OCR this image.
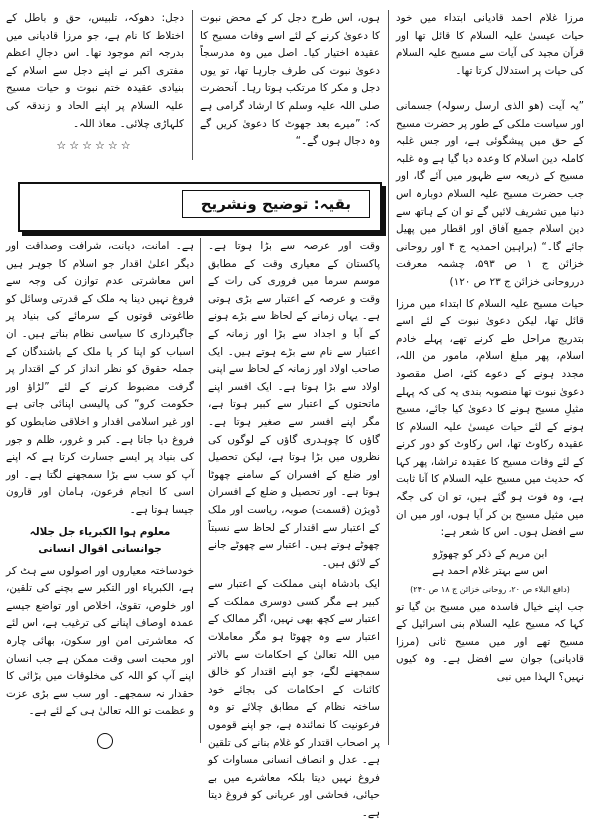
دجل: دھوکہ، تلبیس، حق و باطل کے اختلاط کا نام ہے، جو مرزا قادیانی میں بدرجہ اتم موجود تھا۔ اس دجالِ اعظم مفتری اکبر نے اپنے دجل سے اسلام کے بنیادی عقیدہ ختم نبوت و حیات مسیح علیہ السلام پر اپنے الحاد و زندقہ کی کلہاڑی چلائی۔ معاذ اللہ۔

☆☆☆☆☆☆

ہوں، اس طرح دجل کر کے محض نبوت کا دعویٰ کرنے کے لئے اسے وفات مسیح کا عقیدہ اختیار کیا۔ اصل میں وہ مدرسجاً دعویٰ نبوت کی طرف جارہا تھا، تو یوں دجل و مکر کا مرتکب ہوتا رہا۔ آنحضرت صلی اللہ علیہ وسلم کا ارشاد گرامی ہے کہ: ”میرے بعد جھوٹ کا دعویٰ کریں گے وہ دجال ہوں گے۔“

مرزا غلام احمد قادیانی ابتداء میں خود حیات عیسیٰ علیہ السلام کا قائل تھا اور قرآن مجید کی آیات سے مسیح علیہ السلام کی حیات پر استدلال کرتا تھا۔

”یہ آیت (ھو الذی ارسل رسولہ) جسمانی اور سیاست ملکی کے طور پر حضرت مسیح کے حق میں پیشگوئی ہے، اور جس غلبہ کاملہ دین اسلام کا وعدہ دیا گیا ہے وہ غلبہ مسیح کے ذریعہ سے ظہور میں آئے گا، اور جب حضرت مسیح علیہ السلام دوبارہ اس دنیا میں تشریف لائیں گے تو ان کے ہاتھ سے دین اسلام جمیع آفاق اور اقطار میں پھیل جائے گا۔“ (براہین احمدیہ ج ۴ اور روحانی خزائن ج ۱ ص ۵۹۳، چشمہ معرفت درروحانی خزائن ج ۲۳ ص ۱۲۰)

حیات مسیح علیہ السلام کا ابتداء میں مرزا قائل تھا، لیکن دعویٰ نبوت کے لئے اسے بتدریج مراحل طے کرنے تھے، پہلے خادم اسلام، پھر مبلغ اسلام، مامور من اللہ، مجدد ہونے کے دعوے کئے، اصل مقصود دعویٰ نبوت تھا منصوبہ بندی یہ کی کہ پہلے مثیلِ مسیح ہونے کا دعویٰ کیا جائے، مسیح ہونے کے لئے حیات عیسیٰ علیہ السلام کا عقیدہ رکاوٹ تھا، اس رکاوٹ کو دور کرنے کے لئے وفات مسیح کا عقیدہ تراشا، پھر کہا کہ حدیث میں مسیح علیہ السلام کا آنا ثابت ہے، وہ فوت ہو گئے ہیں، تو ان کی جگہ میں مثیل مسیح بن کر آیا ہوں، اور میں ان سے افضل ہوں۔ اس کا شعر ہے:

ابن مریم کے ذکر کو چھوڑو
اس سے بہتر غلام احمد ہے
(دافع البلاء ص ۲۰، روحانی خزائن ج ۱۸ ص ۲۴۰)

جب اپنے خیال فاسدہ میں مسیح بن گیا تو کہا کہ مسیح علیہ السلام بنی اسرائیل کے مسیح تھے اور میں مسیح ثانی (مرزا قادیانی) جوان سے افضل ہے۔ وہ کیوں نہیں؟ الہذا میں نبی

بقیہ: توضیح ونشریح

ہے۔ امانت، دیانت، شرافت وصداقت اور دیگر اعلیٰ اقدار جو اسلام کا جوہر ہیں اس معاشرتی عدم توازن کی وجہ سے فروغ نہیں دینا یہ ملک کے قدرتی وسائل کو طاغوتی قوتوں کے سرمائے کی بنیاد پر جاگیرداری کا سیاسی نظام بناتے ہیں۔ ان اسباب کو اپنا کر یا ملک کے باشندگان کے جملہ حقوق کو نظر انداز کر کے اقتدار پر گرفت مضبوط کرنے کے لئے ”لڑاؤ اور حکومت کرو“ کی پالیسی اپنائی جاتی ہے اور غیر اسلامی اقدار و اخلاقی ضابطوں کو فروغ دیا جاتا ہے۔ کبر و غرور، ظلم و جور کی بنیاد پر ایسے جسارت کرتا ہے کہ اپنے آپ کو سب سے بڑا سمجھنے لگتا ہے۔ اور اسی کا انجام فرعون، ہامان اور قارون جیسا ہوتا ہے۔

معلوم ہوا الکبریاء جل جلالہ جوانسانی اقوال انسانی

خودساختہ معیاروں اور اصولوں سے ہٹ کر ہے، الکبریاء اور التکبر سے بچنے کی تلقین، اور خلوص، تقویٰ، اخلاص اور تواضع جیسے عمدہ اوصاف اپنانے کی ترغیب ہے، اس لئے کہ معاشرتی امن اور سکون، بھائی چارہ اور محبت اسی وقت ممکن ہے جب انسان اپنے آپ کو اللہ کی مخلوقات میں بڑائی کا حقدار نہ سمجھے۔ اور سب سے بڑی عزت و عظمت تو اللہ تعالیٰ ہی کے لئے ہے۔

وقت اور عرصہ سے بڑا ہوتا ہے۔ پاکستان کے معیاری وقت کے مطابق موسم سرما میں فروری کی رات کے وقت و عرصہ کے اعتبار سے بڑی ہوتی ہے۔ یہاں زمانے کے لحاظ سے بڑے ہونے کے آبا و اجداد سے بڑا اور زمانہ کے اعتبار سے نام سے بڑے ہوتے ہیں۔ ایک صاحب اولاد اور زمانہ کے لحاظ سے اپنی اولاد سے بڑا ہوتا ہے۔ ایک افسر اپنے ماتحتوں کے اعتبار سے کبیر ہوتا ہے، مگر اپنے افسر سے صغیر ہوتا ہے۔ گاؤں کا چوہدری گاؤں کے لوگوں کی نظروں میں بڑا ہوتا ہے، لیکن تحصیل اور ضلع کے افسران کے سامنے چھوٹا ہوتا ہے۔ اور تحصیل و ضلع کے افسران ڈویژن (قسمت) صوبہ، ریاست اور ملک کے اعتبار سے اقتدار کے لحاظ سے نسبتاً چھوٹے ہوتے ہیں۔ اعتبار سے چھوٹے جانے کے لائق ہیں۔

ایک بادشاہ اپنی مملکت کے اعتبار سے کبیر ہے مگر کسی دوسری مملکت کے اعتبار سے کچھ بھی نہیں، اگر ممالک کے اعتبار سے وہ چھوٹا ہو مگر معاملات میں اللہ تعالیٰ کے احکامات سے بالاتر سمجھنے لگے، جو اپنے اقتدار کو خالق کائنات کے احکامات کی بجائے خود ساختہ نظام کے مطابق چلائے تو وہ فرعونیت کا نمائندہ ہے، جو اپنے قوموں پر اصحاب اقتدار کو غلام بنانے کی تلقین ہے۔ عدل و انصاف انسانی مساوات کو فروغ نہیں دیتا بلکہ معاشرے میں بے حیائی، فحاشی اور عریانی کو فروغ دیتا ہے۔
